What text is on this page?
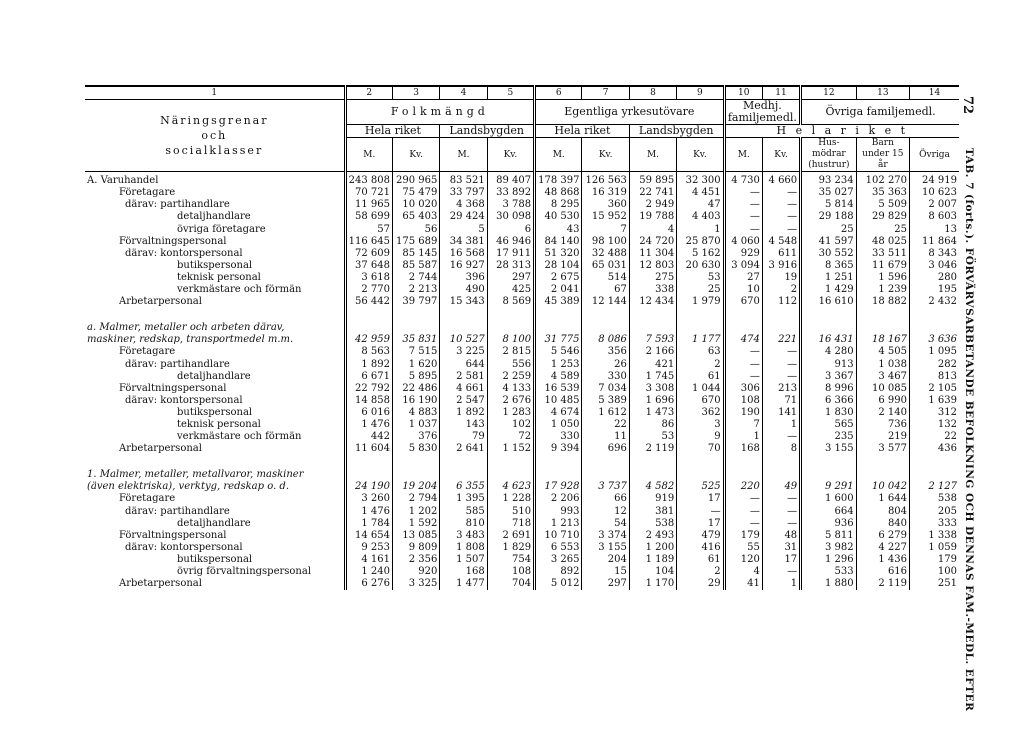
72
TAB. 7 (forts.). FÖRVÄRVSARBETANDE BEFOLKNING OCH DENNAS FAM.-MEDL. EFTER
1	2	3	4	5	6	7	8	9	10	11	12	13	14

Näringsgrenar
och
socialklasser	Folkmängd				Egentliga yrkesutövare				Medhj. familjemedl.		Övriga familjemedl.		
	Hela riket		Landsbygden		Hela riket		Landsbygden		H e l a r i k e t				
	M.	Kv.	M.	Kv.	M.	Kv.	M.	Kv.	M.	Kv.	Hus-mödrar (hustrur)	Barn under 15 år	Övriga
A. Varuhandel	243 808	290 965	83 521	89 407	178 397	126 563	59 895	32 300	4 730	4 660	93 234	102 270	24 919
Företagare	70 721	75 479	33 797	33 892	48 868	16 319	22 741	4 451	—	—	35 027	35 363	10 623
därav: partihandlare	11 965	10 020	4 368	3 788	8 295	360	2 949	47	—	—	5 814	5 509	2 007
detaljhandlare	58 699	65 403	29 424	30 098	40 530	15 952	19 788	4 403	—	—	29 188	29 829	8 603
övriga företagare	57	56	5	6	43	7	4	1	—	—	25	25	13
Förvaltningspersonal	116 645	175 689	34 381	46 946	84 140	98 100	24 720	25 870	4 060	4 548	41 597	48 025	11 864
därav: kontorspersonal	72 609	85 145	16 568	17 911	51 320	32 488	11 304	5 162	929	611	30 552	33 511	8 343
butikspersonal	37 648	85 587	16 927	28 313	28 104	65 031	12 803	20 630	3 094	3 916	8 365	11 679	3 046
teknisk personal	3 618	2 744	396	297	2 675	514	275	53	27	19	1 251	1 596	280
verkmästare och förmän	2 770	2 213	490	425	2 041	67	338	25	10	2	1 429	1 239	195
Arbetarpersonal	56 442	39 797	15 343	8 569	45 389	12 144	12 434	1 979	670	112	16 610	18 882	2 432

a. Malmer, metaller och arbeten därav,													
maskiner, redskap, transportmedel m.m.	42 959	35 831	10 527	8 100	31 775	8 086	7 593	1 177	474	221	16 431	18 167	3 636
Företagare	8 563	7 515	3 225	2 815	5 546	356	2 166	63	—	—	4 280	4 505	1 095
därav: partihandlare	1 892	1 620	644	556	1 253	26	421	2	—	—	913	1 038	282
detaljhandlare	6 671	5 895	2 581	2 259	4 589	330	1 745	61	—	—	3 367	3 467	813
Förvaltningspersonal	22 792	22 486	4 661	4 133	16 539	7 034	3 308	1 044	306	213	8 996	10 085	2 105
därav: kontorspersonal	14 858	16 190	2 547	2 676	10 485	5 389	1 696	670	108	71	6 366	6 990	1 639
butikspersonal	6 016	4 883	1 892	1 283	4 674	1 612	1 473	362	190	141	1 830	2 140	312
teknisk personal	1 476	1 037	143	102	1 050	22	86	3	7	1	565	736	132
verkmästare och förmän	442	376	79	72	330	11	53	9	1	—	235	219	22
Arbetarpersonal	11 604	5 830	2 641	1 152	9 394	696	2 119	70	168	8	3 155	3 577	436

1. Malmer, metaller, metallvaror, maskiner													
(även elektriska), verktyg, redskap o. d.	24 190	19 204	6 355	4 623	17 928	3 737	4 582	525	220	49	9 291	10 042	2 127
Företagare	3 260	2 794	1 395	1 228	2 206	66	919	17	—	—	1 600	1 644	538
därav: partihandlare	1 476	1 202	585	510	993	12	381	—	—	—	664	804	205
detaljhandlare	1 784	1 592	810	718	1 213	54	538	17	—	—	936	840	333
Förvaltningspersonal	14 654	13 085	3 483	2 691	10 710	3 374	2 493	479	179	48	5 811	6 279	1 338
därav: kontorspersonal	9 253	9 809	1 808	1 829	6 553	3 155	1 200	416	55	31	3 982	4 227	1 059
butikspersonal	4 161	2 356	1 507	754	3 265	204	1 189	61	120	17	1 296	1 436	179
övrig förvaltningspersonal	1 240	920	168	108	892	15	104	2	4	—	533	616	100
Arbetarpersonal	6 276	3 325	1 477	704	5 012	297	1 170	29	41	1	1 880	2 119	251
